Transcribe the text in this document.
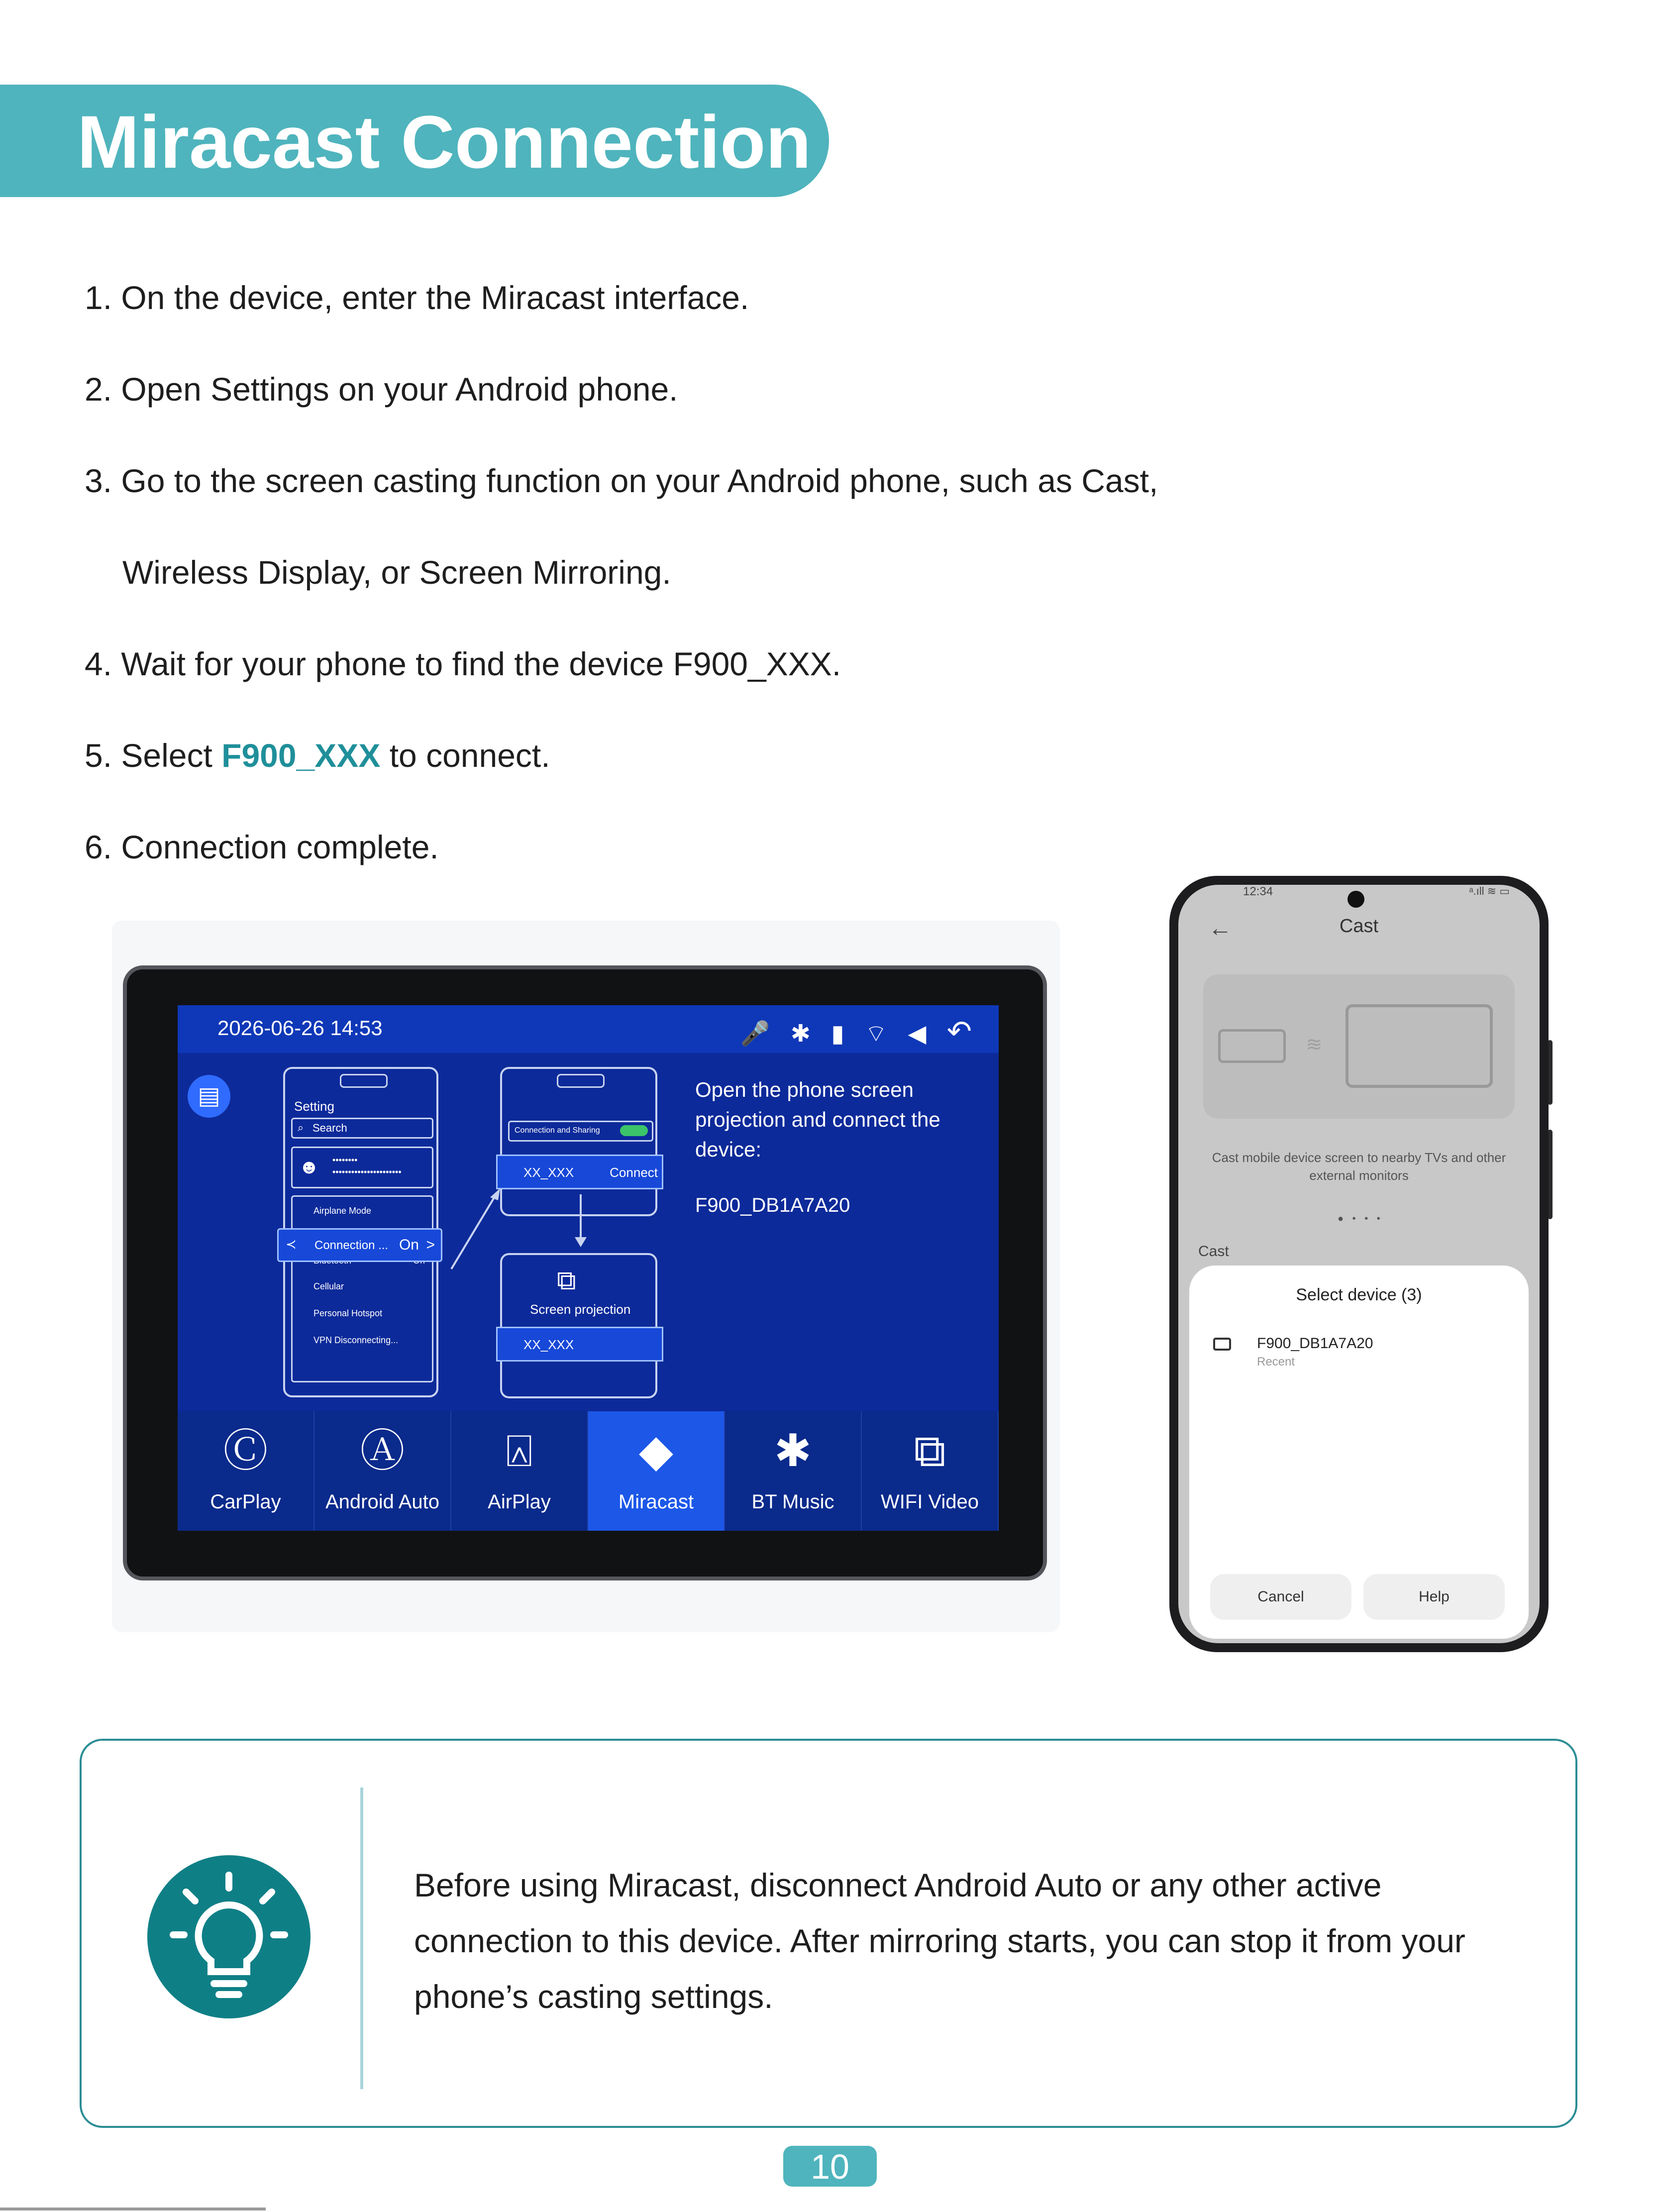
Miracast Connection
1. On the device, enter the Miracast interface.
2. Open Settings on your Android phone.
3. Go to the screen casting function on your Android phone, such as Cast,
Wireless Display, or Screen Mirroring.
4. Wait for your phone to find the device F900_XXX.
5. Select F900_XXX to connect.
6. Connection complete.
2026-06-26 14:53	🎤 ✱ ▮ ⌔ ◀ ↶
▤	Setting
⌕ Search
☻ ••••••••
••••••••••••••••••••••
Airplane Mode
Cellular
Personal Hotspot
VPN Disconnecting...
≺ Connection ... On >
Connection and Sharing
XX_XXX	Connect
⧉
Screen projection
XX_XXX
Open the phone screen projection and connect the device:
F900_DB1A7A20
Ⓒ
CarPlay
Ⓐ
Android Auto
⍓
AirPlay
◆
Miracast
✱
BT Music
⧉
WIFI Video
12:34	ᵃ.ıll ≋ ▭
←	Cast
≋
Cast mobile device screen to nearby TVs and other external monitors
● • • •
Cast
Select device (3)
F900_DB1A7A20
Recent
Cancel	Help
Before using Miracast, disconnect Android Auto or any other active connection to this device. After mirroring starts, you can stop it from your phone’s casting settings.
10
